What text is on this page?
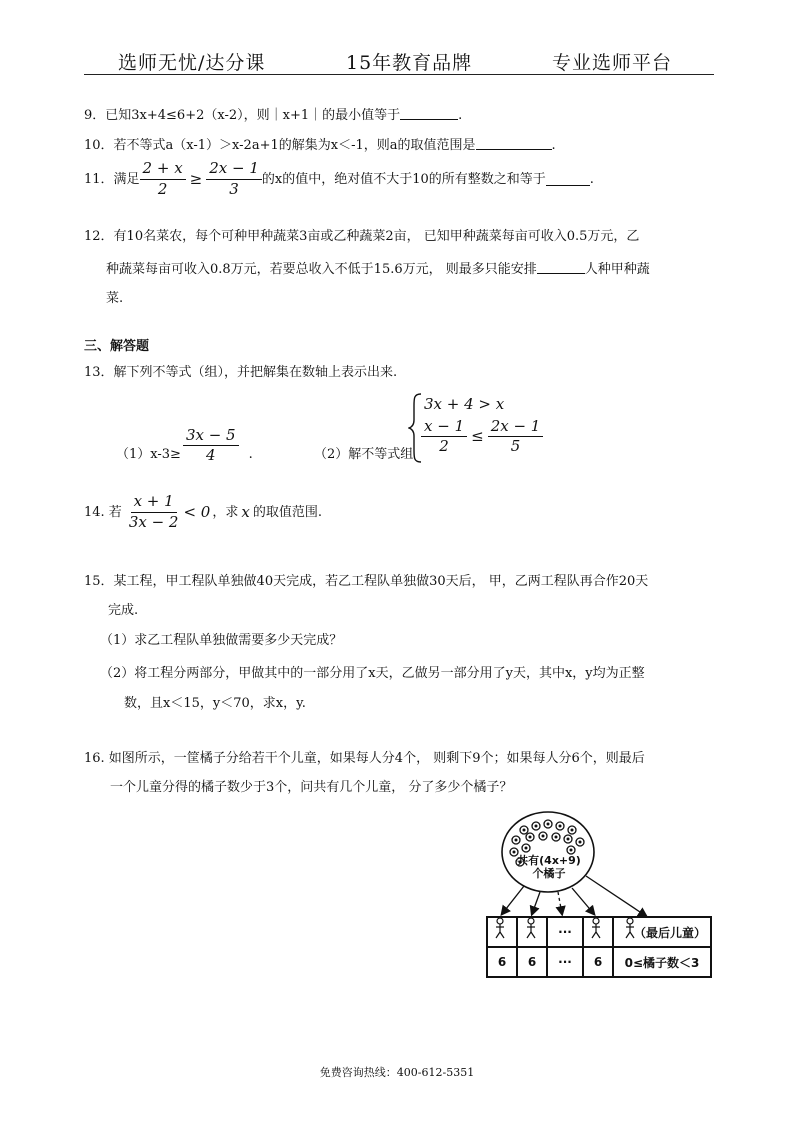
选师无忧/达分课	15年教育品牌	专业选师平台
9．已知3x+4≤6+2（x-2），则｜x+1｜的最小值等于	.
10．若不等式a（x-1）＞x-2a+1的解集为x＜-1，则a的取值范围是	.
11．满足 $\frac{2 + x}{2} \ge \frac{2x - 1}{3}$ 的x的值中，绝对值不大于10的所有整数之和等于	.
12．有10名菜农，每个可种甲种蔬菜3亩或乙种蔬菜2亩， 已知甲种蔬菜每亩可收入0.5万元，乙
种蔬菜每亩可收入0.8万元，若要总收入不低于15.6万元， 则最多只能安排	人种甲种蔬
菜.
三、解答题
13．解下列不等式（组），并把解集在数轴上表示出来.
$(1)x-3\ge \frac{3x - 5}{4}$ .	（2）解不等式组
3x + 4 > x
$\frac{x - 1}{2} \le \frac{2x - 1}{5}$
14. 若 $\frac{x + 1}{3x - 2} < 0$ ，求 x 的取值范围.
15．某工程，甲工程队单独做40天完成，若乙工程队单独做30天后， 甲，乙两工程队再合作20天
完成.
（1）求乙工程队单独做需要多少天完成？
（2）将工程分两部分，甲做其中的一部分用了x天，乙做另一部分用了y天，其中x，y均为正整
数，且x＜15，y＜70，求x，y.
16. 如图所示，一筐橘子分给若干个儿童，如果每人分4个， 则剩下9个；如果每人分6个，则最后
一个儿童分得的橘子数少于3个，问共有几个儿童， 分了多少个橘子？
共有(4x+9)
个橘子
		···		（最后儿童）
6	6	···	6	0≤橘子数＜3
免费咨询热线：400-612-5351
